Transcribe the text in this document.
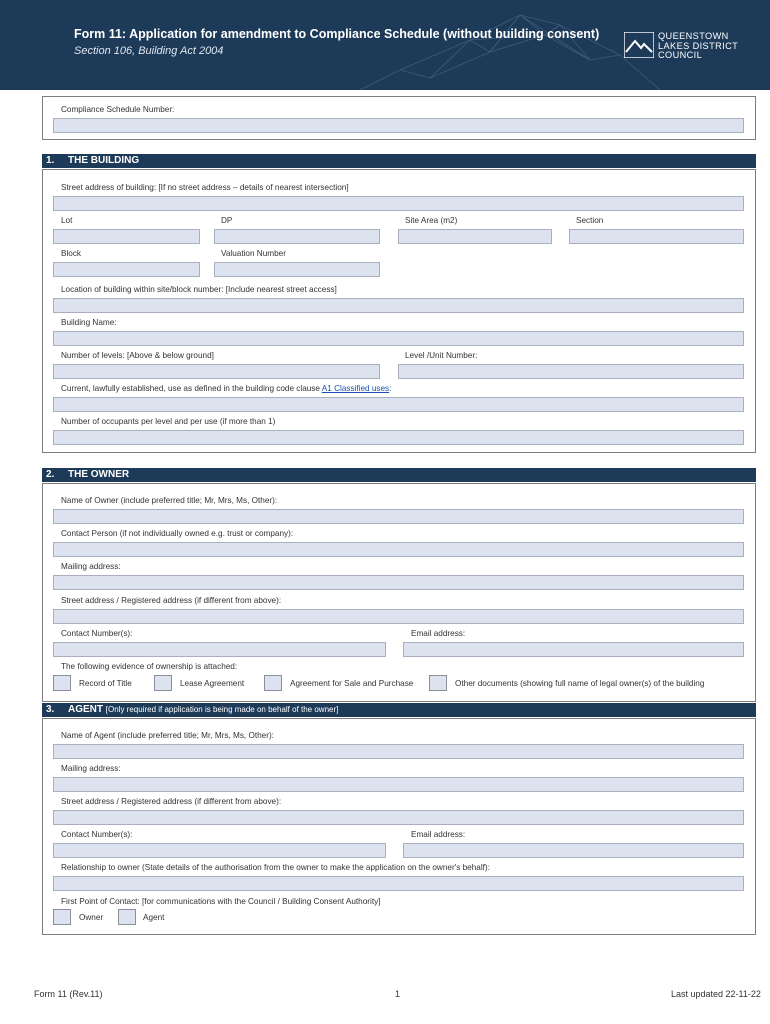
Form 11: Application for amendment to Compliance Schedule (without building consent)
Section 106, Building Act 2004
QUEENSTOWN
LAKES DISTRICT
COUNCIL
Compliance Schedule Number:
1. THE BUILDING
Street address of building: [If no street address – details of nearest intersection]
Lot	DP	Site Area (m2)	Section
Block	Valuation Number
Location of building within site/block number: [Include nearest street access]
Building Name:
Number of levels: [Above & below ground]	Level /Unit Number:
Current, lawfully established, use as defined in the building code clause A1 Classified uses:
Number of occupants per level and per use (if more than 1)
2. THE OWNER
Name of Owner (include preferred title; Mr, Mrs, Ms, Other):
Contact Person (if not individually owned e.g. trust or company):
Mailing address:
Street address / Registered address (if different from above):
Contact Number(s):	Email address:
The following evidence of ownership is attached:
Record of Title	Lease Agreement	Agreement for Sale and Purchase	Other documents (showing full name of legal owner(s) of the building
3. AGENT [Only required if application is being made on behalf of the owner]
Name of Agent (include preferred title; Mr, Mrs, Ms, Other):
Mailing address:
Street address / Registered address (if different from above):
Contact Number(s):	Email address:
Relationship to owner (State details of the authorisation from the owner to make the application on the owner's behalf):
First Point of Contact: [for communications with the Council / Building Consent Authority]
Owner	Agent
Form 11 (Rev.11)	1	Last updated 22-11-22
